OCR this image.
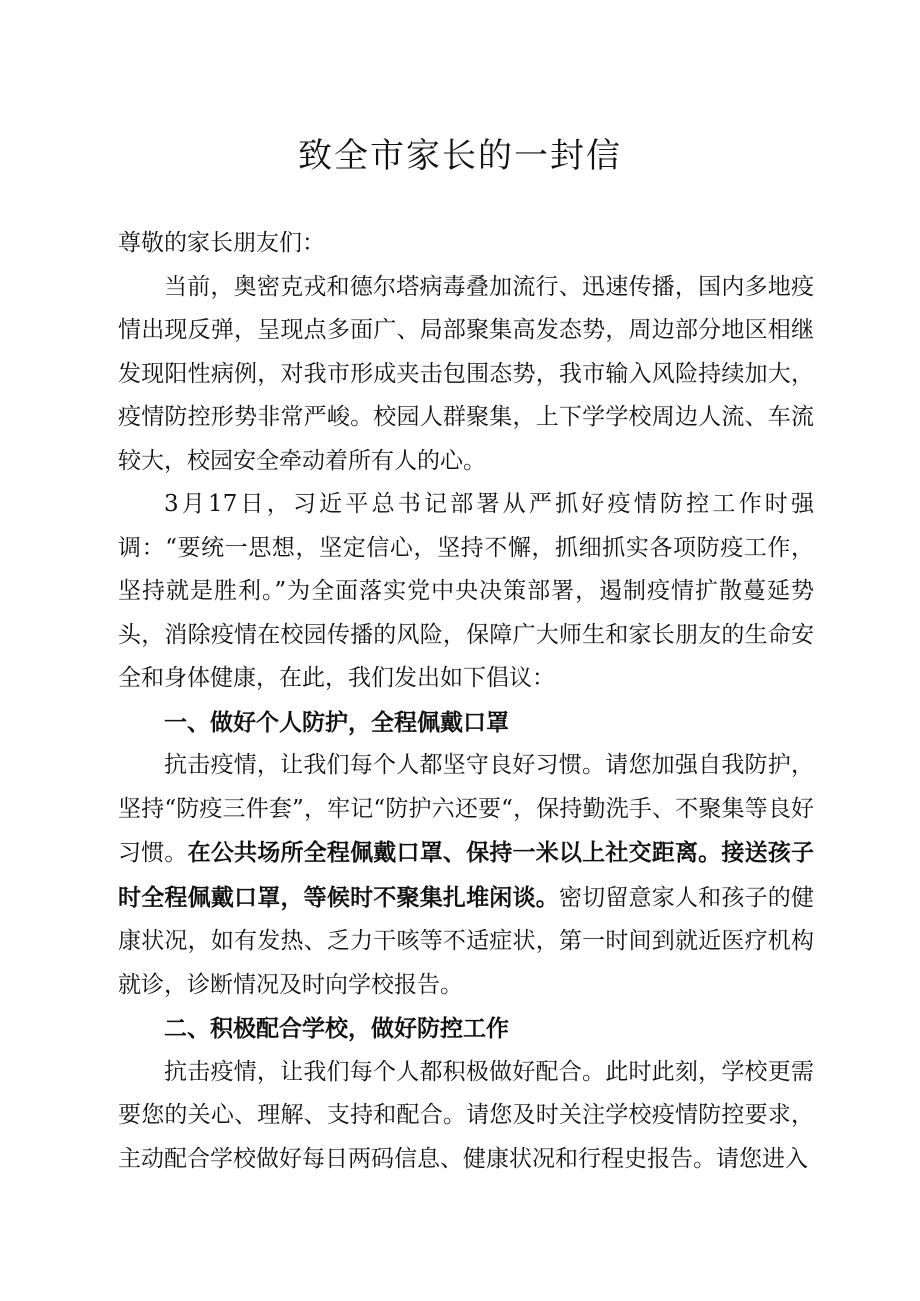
致全市家长的一封信

尊敬的家长朋友们：

当前，奥密克戎和德尔塔病毒叠加流行、迅速传播，国内多地疫情出现反弹，呈现点多面广、局部聚集高发态势，周边部分地区相继发现阳性病例，对我市形成夹击包围态势，我市输入风险持续加大，疫情防控形势非常严峻。校园人群聚集，上下学学校周边人流、车流较大，校园安全牵动着所有人的心。

3月17日，习近平总书记部署从严抓好疫情防控工作时强调：“要统一思想，坚定信心，坚持不懈，抓细抓实各项防疫工作，坚持就是胜利。”为全面落实党中央决策部署，遏制疫情扩散蔓延势头，消除疫情在校园传播的风险，保障广大师生和家长朋友的生命安全和身体健康，在此，我们发出如下倡议：

一、做好个人防护，全程佩戴口罩

抗击疫情，让我们每个人都坚守良好习惯。请您加强自我防护，坚持“防疫三件套”，牢记“防护六还要“，保持勤洗手、不聚集等良好习惯。在公共场所全程佩戴口罩、保持一米以上社交距离。接送孩子时全程佩戴口罩，等候时不聚集扎堆闲谈。密切留意家人和孩子的健康状况，如有发热、乏力干咳等不适症状，第一时间到就近医疗机构就诊，诊断情况及时向学校报告。

二、积极配合学校，做好防控工作

抗击疫情，让我们每个人都积极做好配合。此时此刻，学校更需要您的关心、理解、支持和配合。请您及时关注学校疫情防控要求，主动配合学校做好每日两码信息、健康状况和行程史报告。请您进入
